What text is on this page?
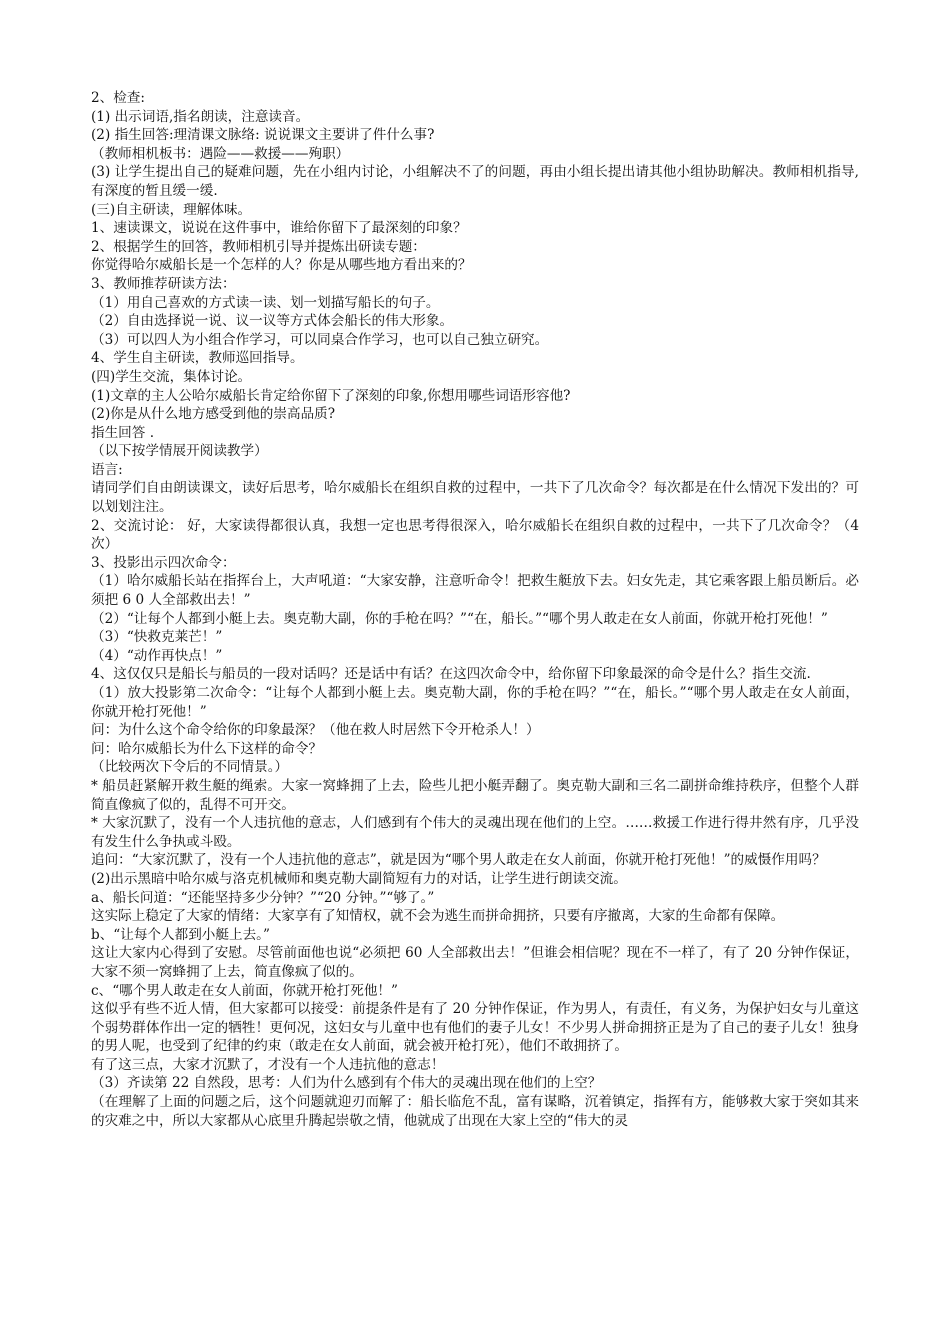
2、检查:

(1) 出示词语,指名朗读，注意读音。

(2) 指生回答:理清课文脉络: 说说课文主要讲了件什么事?

（教师相机板书：遇险——救援——殉职）

(3) 让学生提出自己的疑难问题，先在小组内讨论，小组解决不了的问题，再由小组长提出请其他小组协助解决。教师相机指导,有深度的暂且缓一缓.

(三)自主研读，理解体味。

1、速读课文，说说在这件事中，谁给你留下了最深刻的印象？

2、根据学生的回答，教师相机引导并提炼出研读专题：

你觉得哈尔威船长是一个怎样的人？你是从哪些地方看出来的？

3、教师推荐研读方法：

（1）用自己喜欢的方式读一读、划一划描写船长的句子。

（2）自由选择说一说、议一议等方式体会船长的伟大形象。

（3）可以四人为小组合作学习，可以同桌合作学习，也可以自己独立研究。

4、学生自主研读，教师巡回指导。

(四)学生交流，集体讨论。

(1)文章的主人公哈尔威船长肯定给你留下了深刻的印象,你想用哪些词语形容他?

(2)你是从什么地方感受到他的崇高品质?

指生回答 .

（以下按学情展开阅读教学）

语言:

请同学们自由朗读课文，读好后思考，哈尔威船长在组织自救的过程中，一共下了几次命令？每次都是在什么情况下发出的？可以划划注注。

2、交流讨论： 好，大家读得都很认真，我想一定也思考得很深入，哈尔威船长在组织自救的过程中，一共下了几次命令？（4 次）

3、投影出示四次命令：

（1）哈尔威船长站在指挥台上，大声吼道：“大家安静，注意听命令！把救生艇放下去。妇女先走，其它乘客跟上船员断后。必须把 6 0 人全部救出去！”

（2）“让每个人都到小艇上去。奥克勒大副，你的手枪在吗？”“在，船长。”“哪个男人敢走在女人前面，你就开枪打死他！”

（3）“快救克莱芒！”

（4）“动作再快点！”

4、这仅仅只是船长与船员的一段对话吗？还是话中有话？在这四次命令中，给你留下印象最深的命令是什么？指生交流.

（1）放大投影第二次命令：“让每个人都到小艇上去。奥克勒大副，你的手枪在吗？”“在，船长。”“哪个男人敢走在女人前面，你就开枪打死他！”

问：为什么这个命令给你的印象最深？（他在救人时居然下令开枪杀人！）

问：哈尔威船长为什么下这样的命令？

（比较两次下令后的不同情景。）

* 船员赶紧解开救生艇的绳索。大家一窝蜂拥了上去，险些儿把小艇弄翻了。奥克勒大副和三名二副拼命维持秩序，但整个人群简直像疯了似的，乱得不可开交。

* 大家沉默了，没有一个人违抗他的意志，人们感到有个伟大的灵魂出现在他们的上空。……救援工作进行得井然有序，几乎没有发生什么争执或斗殴。

追问：“大家沉默了，没有一个人违抗他的意志”，就是因为“哪个男人敢走在女人前面，你就开枪打死他！”的威慑作用吗？

(2)出示黑暗中哈尔威与洛克机械师和奥克勒大副简短有力的对话，让学生进行朗读交流。

a、船长问道：“还能坚持多少分钟？”“20 分钟。”“够了。”

这实际上稳定了大家的情绪：大家享有了知情权，就不会为逃生而拼命拥挤，只要有序撤离，大家的生命都有保障。

b、“让每个人都到小艇上去。”

这让大家内心得到了安慰。尽管前面他也说“必须把 60 人全部救出去！”但谁会相信呢？现在不一样了，有了 20 分钟作保证，大家不须一窝蜂拥了上去，简直像疯了似的。

c、“哪个男人敢走在女人前面，你就开枪打死他！”

这似乎有些不近人情，但大家都可以接受：前提条件是有了 20 分钟作保证，作为男人，有责任，有义务，为保护妇女与儿童这个弱势群体作出一定的牺牲！更何况，这妇女与儿童中也有他们的妻子儿女！不少男人拼命拥挤正是为了自己的妻子儿女！独身的男人呢，也受到了纪律的约束（敢走在女人前面，就会被开枪打死），他们不敢拥挤了。

有了这三点，大家才沉默了，才没有一个人违抗他的意志！

（3）齐读第 22 自然段，思考：人们为什么感到有个伟大的灵魂出现在他们的上空？

（在理解了上面的问题之后，这个问题就迎刃而解了：船长临危不乱，富有谋略，沉着镇定，指挥有方，能够救大家于突如其来的灾难之中，所以大家都从心底里升腾起崇敬之情，他就成了出现在大家上空的“伟大的灵
